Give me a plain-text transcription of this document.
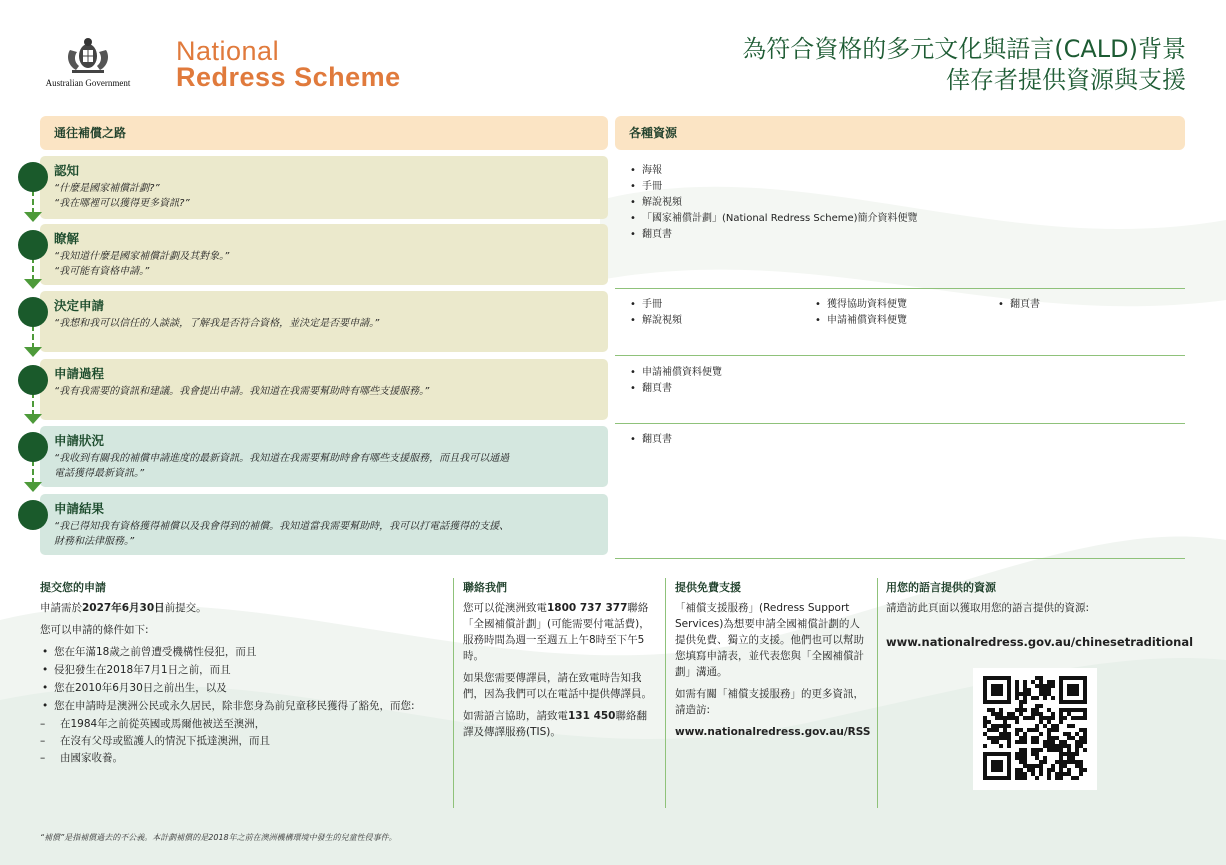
Australian Government
National
Redress Scheme
為符合資格的多元文化與語言(CALD)背景
倖存者提供資源與支援
通往補償之路	各種資源
認知
“什麼是國家補償計劃?”
“我在哪裡可以獲得更多資訊?”
瞭解
“我知道什麼是國家補償計劃及其對象。”
“我可能有資格申請。”
決定申請
“我想和我可以信任的人談談，了解我是否符合資格，並決定是否要申請。”
申請過程
“我有我需要的資訊和建議。我會提出申請。我知道在我需要幫助時有哪些支援服務。”
申請狀況
“我收到有關我的補償申請進度的最新資訊。我知道在我需要幫助時會有哪些支援服務，而且我可以通過
電話獲得最新資訊。”
申請結果
“我已得知我有資格獲得補償以及我會得到的補償。我知道當我需要幫助時，我可以打電話獲得的支援、
財務和法律服務。”
• 海報
• 手冊
• 解說視頻
• 「國家補償計劃」(National Redress Scheme)簡介資料便覽
• 翻頁書
• 手冊
• 解說視頻
• 獲得協助資料便覽
• 申請補償資料便覽
• 翻頁書
• 申請補償資料便覽
• 翻頁書
• 翻頁書
提交您的申請

申請需於2027年6月30日前提交。

您可以申請的條件如下:

• 您在年滿18歲之前曾遭受機構性侵犯，而且
• 侵犯發生在2018年7月1日之前，而且
• 您在2010年6月30日之前出生，以及
• 您在申請時是澳洲公民或永久居民，除非您身為前兒童移民獲得了豁免，而您:
– 在1984年之前從英國或馬爾他被送至澳洲，
– 在沒有父母或監護人的情況下抵達澳洲，而且
– 由國家收養。
聯絡我們

您可以從澳洲致電1800 737 377聯絡「全國補償計劃」(可能需要付電話費)，服務時間為週一至週五上午8時至下午5時。

如果您需要傳譯員，請在致電時告知我們，因為我們可以在電話中提供傳譯員。

如需語言協助，請致電131 450聯絡翻譯及傳譯服務(TIS)。

提供免費支援

「補償支援服務」(Redress Support Services)為想要申請全國補償計劃的人提供免費、獨立的支援。他們也可以幫助您填寫申請表，並代表您與「全國補償計劃」溝通。

如需有關「補償支援服務」的更多資訊，請造訪:

www.nationalredress.gov.au/RSS

用您的語言提供的資源

請造訪此頁面以獲取用您的語言提供的資源:

www.nationalredress.gov.au/chinesetraditional

“補償”是指補償過去的不公義。本計劃補償的是2018年之前在澳洲機構環境中發生的兒童性侵事件。
